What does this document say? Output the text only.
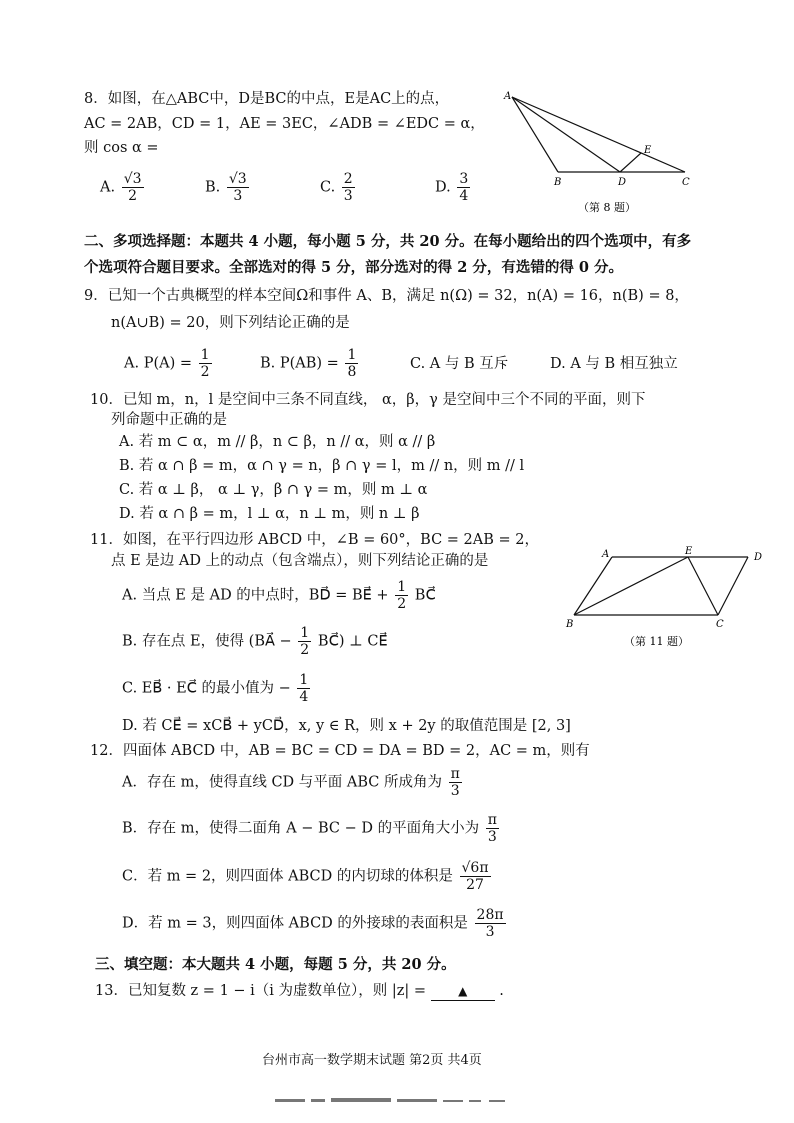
8．如图，在△ABC中，D是BC的中点，E是AC上的点，
AC = 2AB，CD = 1，AE = 3EC，∠ADB = ∠EDC = α，
则 cos α =
A. $\frac{√3}{2}$	B. $\frac{√3}{3}$	C. $\frac{2}{3}$	D. $\frac{3}{4}$
A
B	D	C
E
（第 8 题）
二、多项选择题：本题共 4 小题，每小题 5 分，共 20 分。在每小题给出的四个选项中，有多
个选项符合题目要求。全部选对的得 5 分，部分选对的得 2 分，有选错的得 0 分。
9．已知一个古典概型的样本空间Ω和事件 A、B，满足 n(Ω) = 32，n(A) = 16，n(B) = 8，
n(A∪B) = 20，则下列结论正确的是
A. $P(A) = \frac{1}{2}$	B. $P(AB) = \frac{1}{8}$	C. A 与 B 互斥	D. A 与 B 相互独立
10．已知 m，n，l 是空间中三条不同直线， α，β，γ 是空间中三个不同的平面，则下
列命题中正确的是
A. 若 m ⊂ α，m // β，n ⊂ β，n // α，则 α // β
B. 若 α ∩ β = m，α ∩ γ = n，β ∩ γ = l，m // n，则 m // l
C. 若 α ⊥ β， α ⊥ γ，β ∩ γ = m，则 m ⊥ α
D. 若 α ∩ β = m，l ⊥ α，n ⊥ m，则 n ⊥ β
11．如图，在平行四边形 ABCD 中，∠B = 60°，BC = 2AB = 2，
点 E 是边 AD 上的动点（包含端点），则下列结论正确的是
A. 当点 E 是 AD 的中点时，BD⃗ = BE⃗ + $\frac{1}{2}$ BC⃗
B. 存在点 E，使得 (BA⃗ − $\frac{1}{2}$ BC⃗) ⊥ CE⃗
C. EB⃗ · EC⃗ 的最小值为 − $\frac{1}{4}$
D. 若 CE⃗ = xCB⃗ + yCD⃗，x, y ∈ R，则 x + 2y 的取值范围是 [2, 3]
A	E
D
B	C
（第 11 题）
12．四面体 ABCD 中，AB = BC = CD = DA = BD = 2，AC = m，则有
A．存在 m，使得直线 CD 与平面 ABC 所成角为 $\frac{\pi}{3}$
B．存在 m，使得二面角 A − BC − D 的平面角大小为 $\frac{\pi}{3}$
C．若 m = 2，则四面体 ABCD 的内切球的体积是 $\frac{√6\pi}{27}$
D．若 m = 3，则四面体 ABCD 的外接球的表面积是 $\frac{28\pi}{3}$
三、填空题：本大题共 4 小题，每题 5 分，共 20 分。
13．已知复数 z = 1 − i（i 为虚数单位），则 |z| =	▲ .
台州市高一数学期末试题 第2页 共4页
